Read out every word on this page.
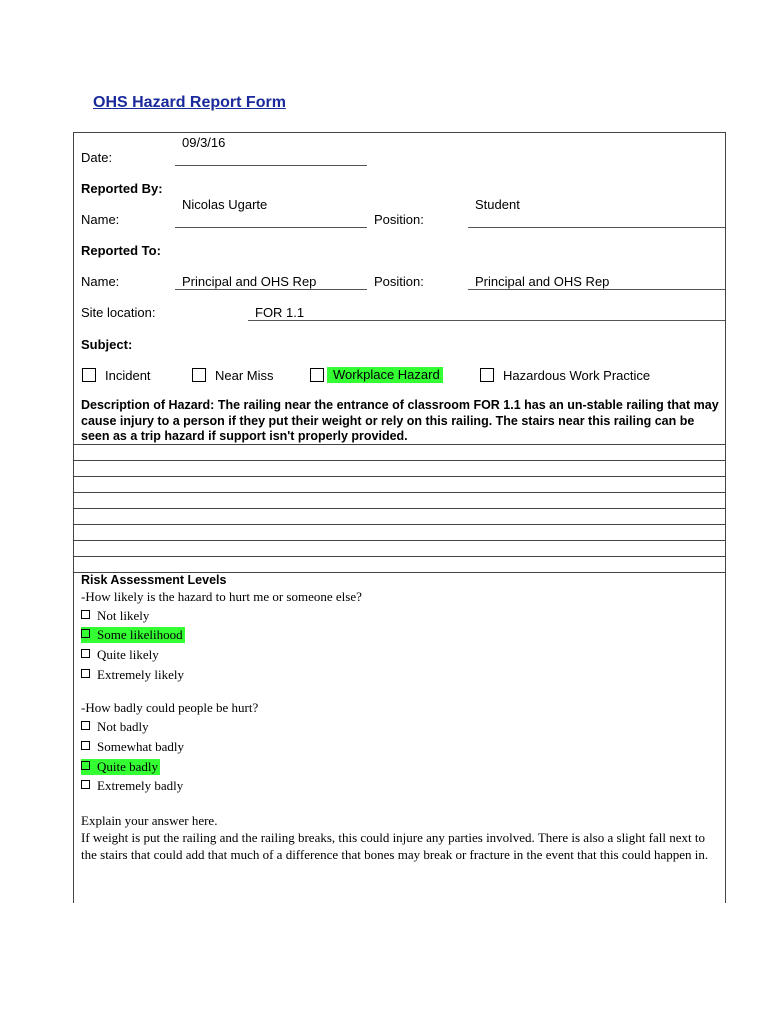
OHS Hazard Report Form
Date:
09/3/16
Reported By:
Name:
Nicolas Ugarte
Position:
Student
Reported To:
Name:	Principal and OHS Rep	Position:	Principal and OHS Rep
Site location:	FOR 1.1
Subject:
Incident	Near Miss	Workplace Hazard	Hazardous Work Practice
Description of Hazard: The railing near the entrance of classroom FOR 1.1 has an un-stable railing that may cause injury to a person if they put their weight or rely on this railing. The stairs near this railing can be seen as a trip hazard if support isn't properly provided.
Risk Assessment Levels
-How likely is the hazard to hurt me or someone else?
Not likely
Some likelihood
Quite likely
Extremely likely
-How badly could people be hurt?
Not badly
Somewhat badly
Quite badly
Extremely badly
Explain your answer here.
If weight is put the railing and the railing breaks, this could injure any parties involved. There is also a slight fall next to the stairs that could add that much of a difference that bones may break or fracture in the event that this could happen in.
